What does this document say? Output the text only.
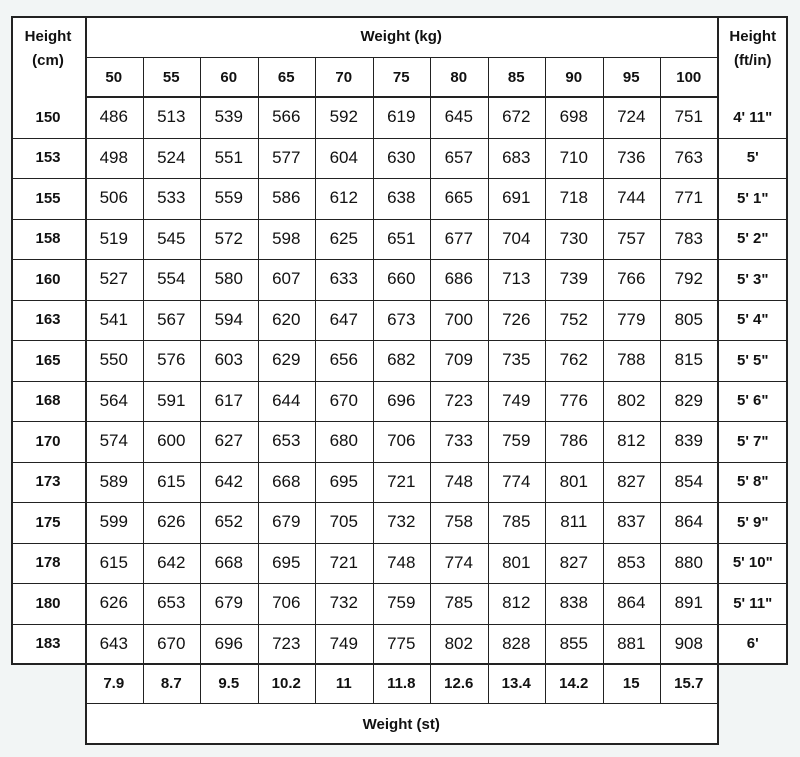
Height
(cm)
Height
(ft/in)
Weight (kg)
Weight (st)
50	55	60	65	70	75	80	85	90	95	100
7.9	8.7	9.5	10.2	11	11.8	12.6	13.4	14.2	15	15.7
150	486	513	539	566	592	619	645	672	698	724	751	4' 11"
153	498	524	551	577	604	630	657	683	710	736	763	5'
155	506	533	559	586	612	638	665	691	718	744	771	5' 1"
158	519	545	572	598	625	651	677	704	730	757	783	5' 2"
160	527	554	580	607	633	660	686	713	739	766	792	5' 3"
163	541	567	594	620	647	673	700	726	752	779	805	5' 4"
165	550	576	603	629	656	682	709	735	762	788	815	5' 5"
168	564	591	617	644	670	696	723	749	776	802	829	5' 6"
170	574	600	627	653	680	706	733	759	786	812	839	5' 7"
173	589	615	642	668	695	721	748	774	801	827	854	5' 8"
175	599	626	652	679	705	732	758	785	811	837	864	5' 9"
178	615	642	668	695	721	748	774	801	827	853	880	5' 10"
180	626	653	679	706	732	759	785	812	838	864	891	5' 11"
183	643	670	696	723	749	775	802	828	855	881	908	6'
